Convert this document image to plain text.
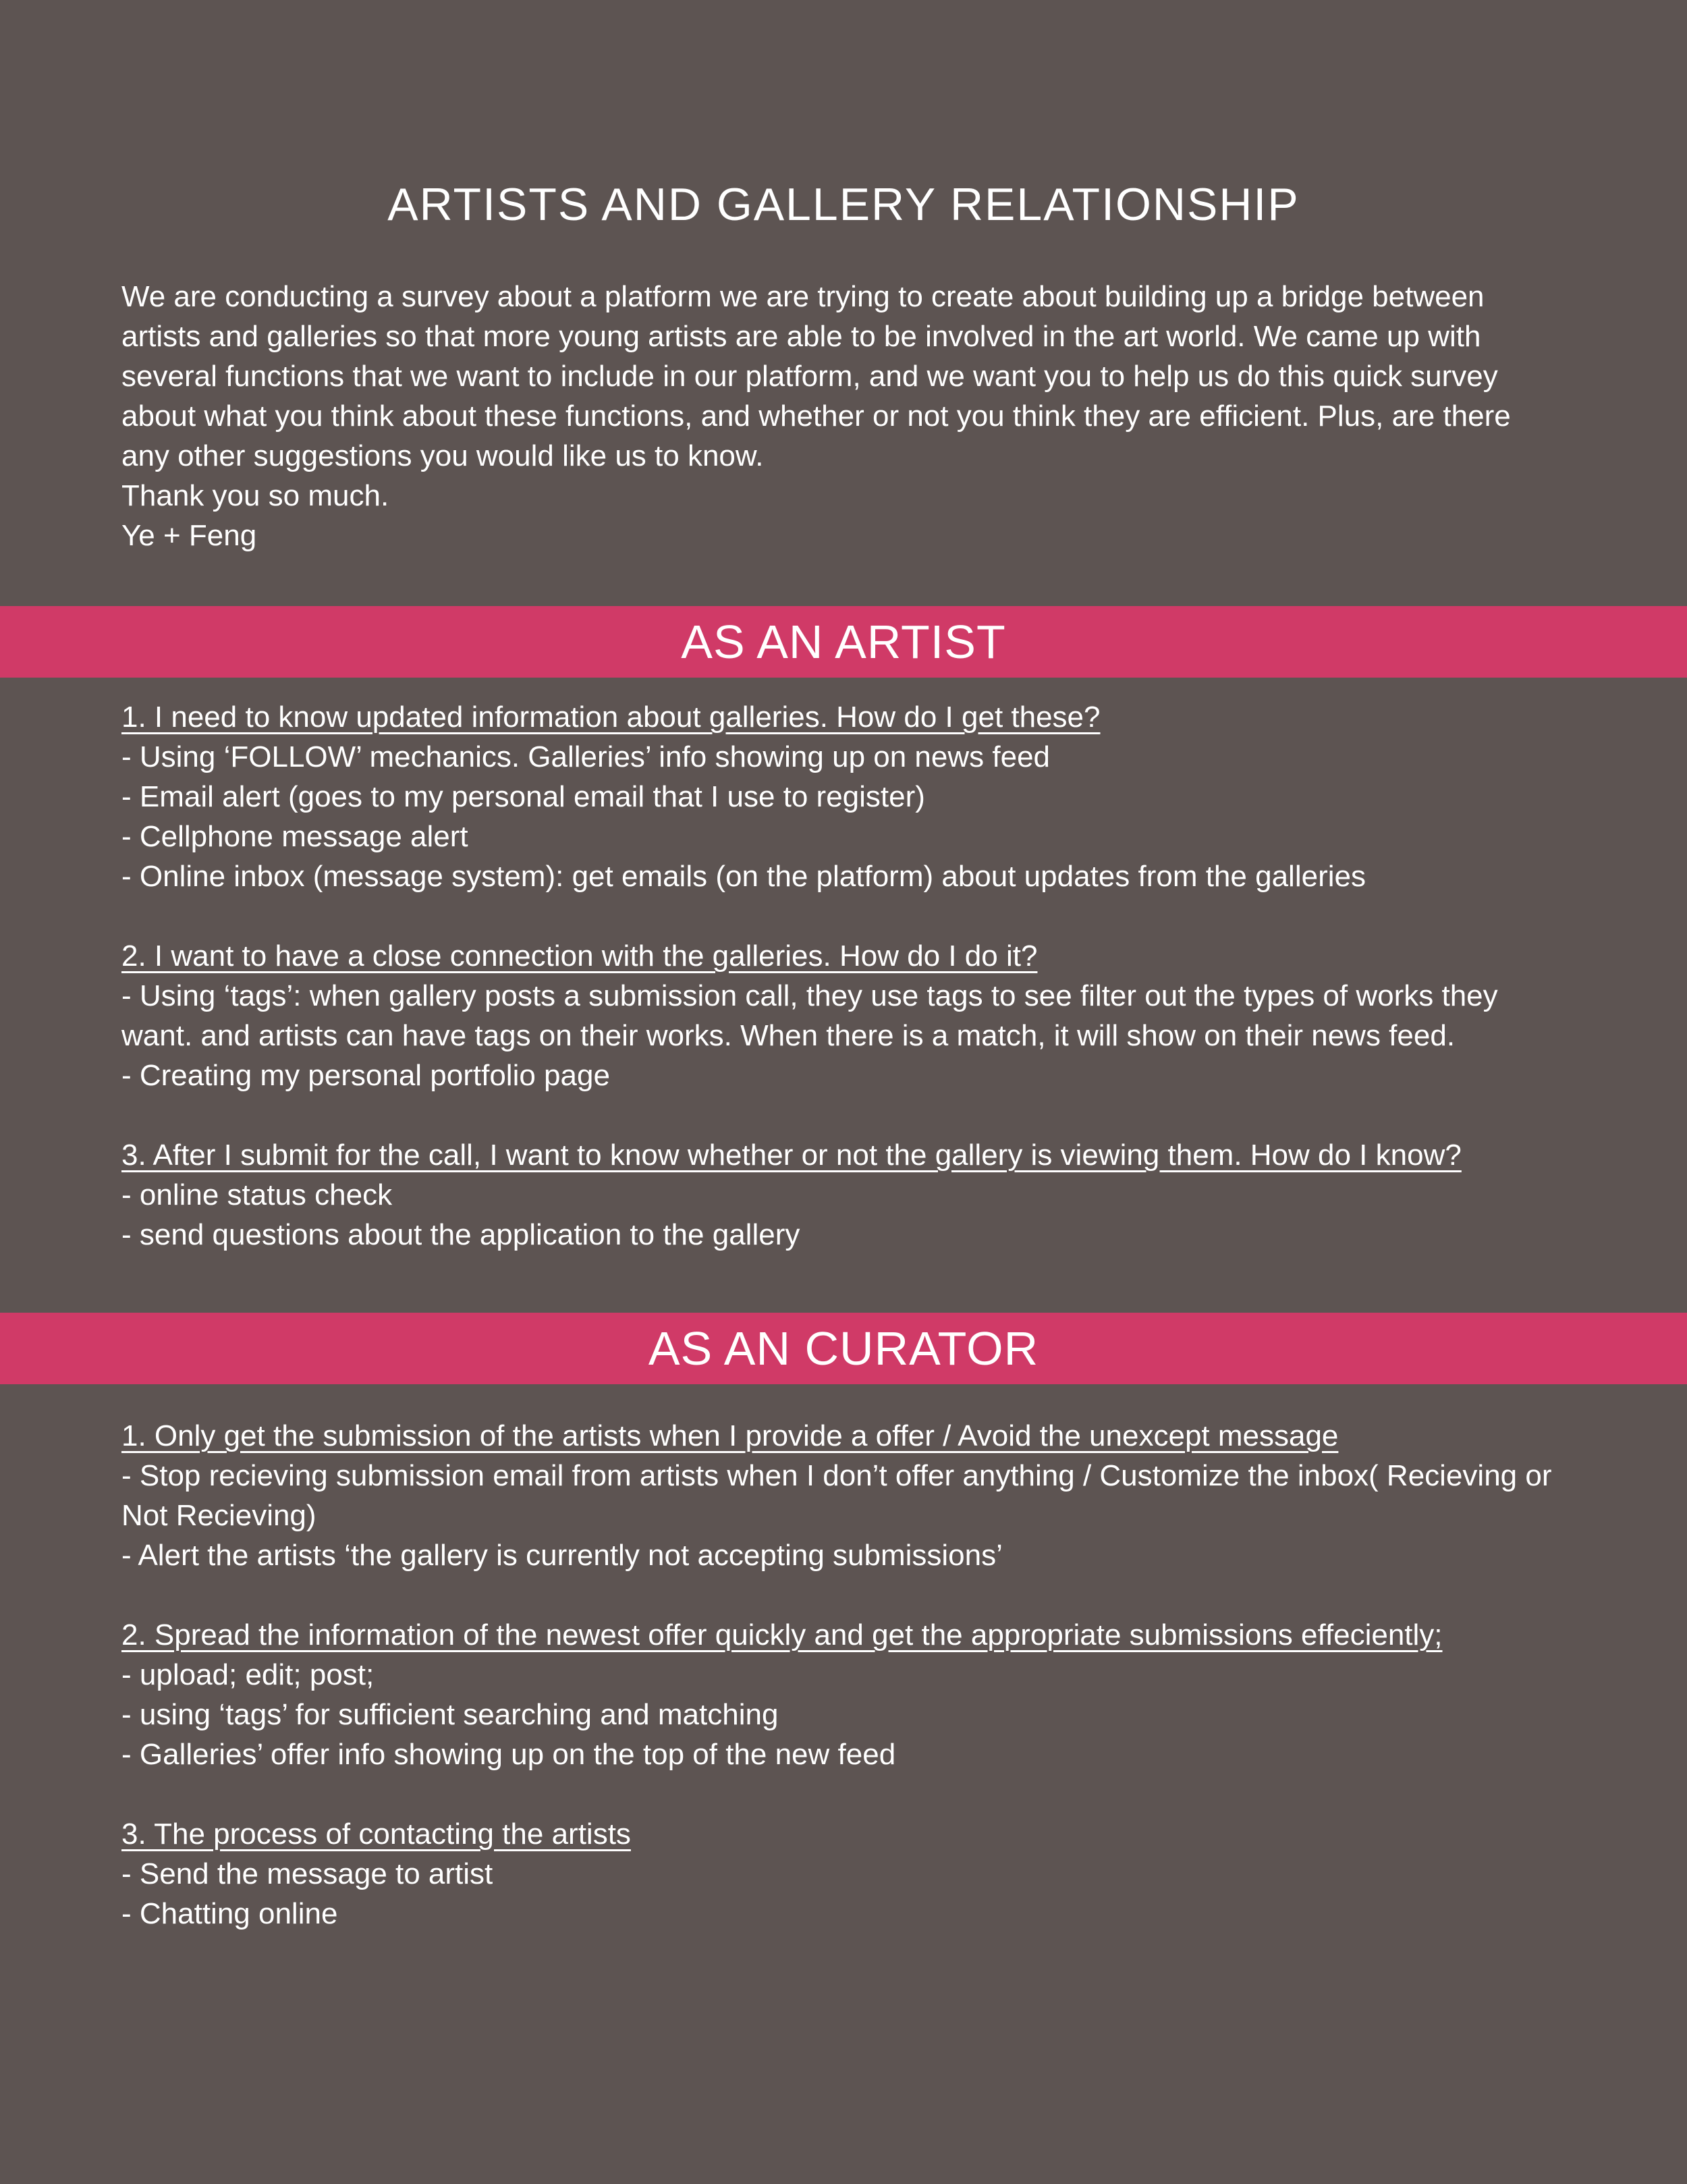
ARTISTS AND GALLERY RELATIONSHIP

We are conducting a survey about a platform we are trying to create about building up a bridge between artists and galleries so that more young artists are able to be involved in the art world. We came up with several functions that we want to include in our platform, and we want you to help us do this quick survey about what you think about these functions, and whether or not you think they are efficient. Plus, are there any other suggestions you would like us to know.

Thank you so much.

Ye + Feng

AS AN ARTIST

1. I need to know updated information about galleries. How do I get these?

- Using ‘FOLLOW’ mechanics. Galleries’ info showing up on news feed
- Email alert (goes to my personal email that I use to register)
- Cellphone message alert
- Online inbox (message system): get emails (on the platform) about updates from the galleries

2. I want to have a close connection with the galleries. How do I do it?

- Using ‘tags’: when gallery posts a submission call, they use tags to see filter out the types of works they want. and artists can have tags on their works. When there is a match, it will show on their news feed.
- Creating my personal portfolio page

3. After I submit for the call, I want to know whether or not the gallery is viewing them. How do I know?

- online status check
- send questions about the application to the gallery
AS AN CURATOR

1. Only get the submission of the artists when I provide a offer / Avoid the unexcept message

- Stop recieving submission email from artists when I don’t offer anything / Customize the inbox( Recieving or Not Recieving)
- Alert the artists ‘the gallery is currently not accepting submissions’

2. Spread the information of the newest offer quickly and get the appropriate submissions effeciently;

- upload; edit; post;
- using ‘tags’ for sufficient searching and matching
- Galleries’ offer info showing up on the top of the new feed

3. The process of contacting the artists

- Send the message to artist
- Chatting online
